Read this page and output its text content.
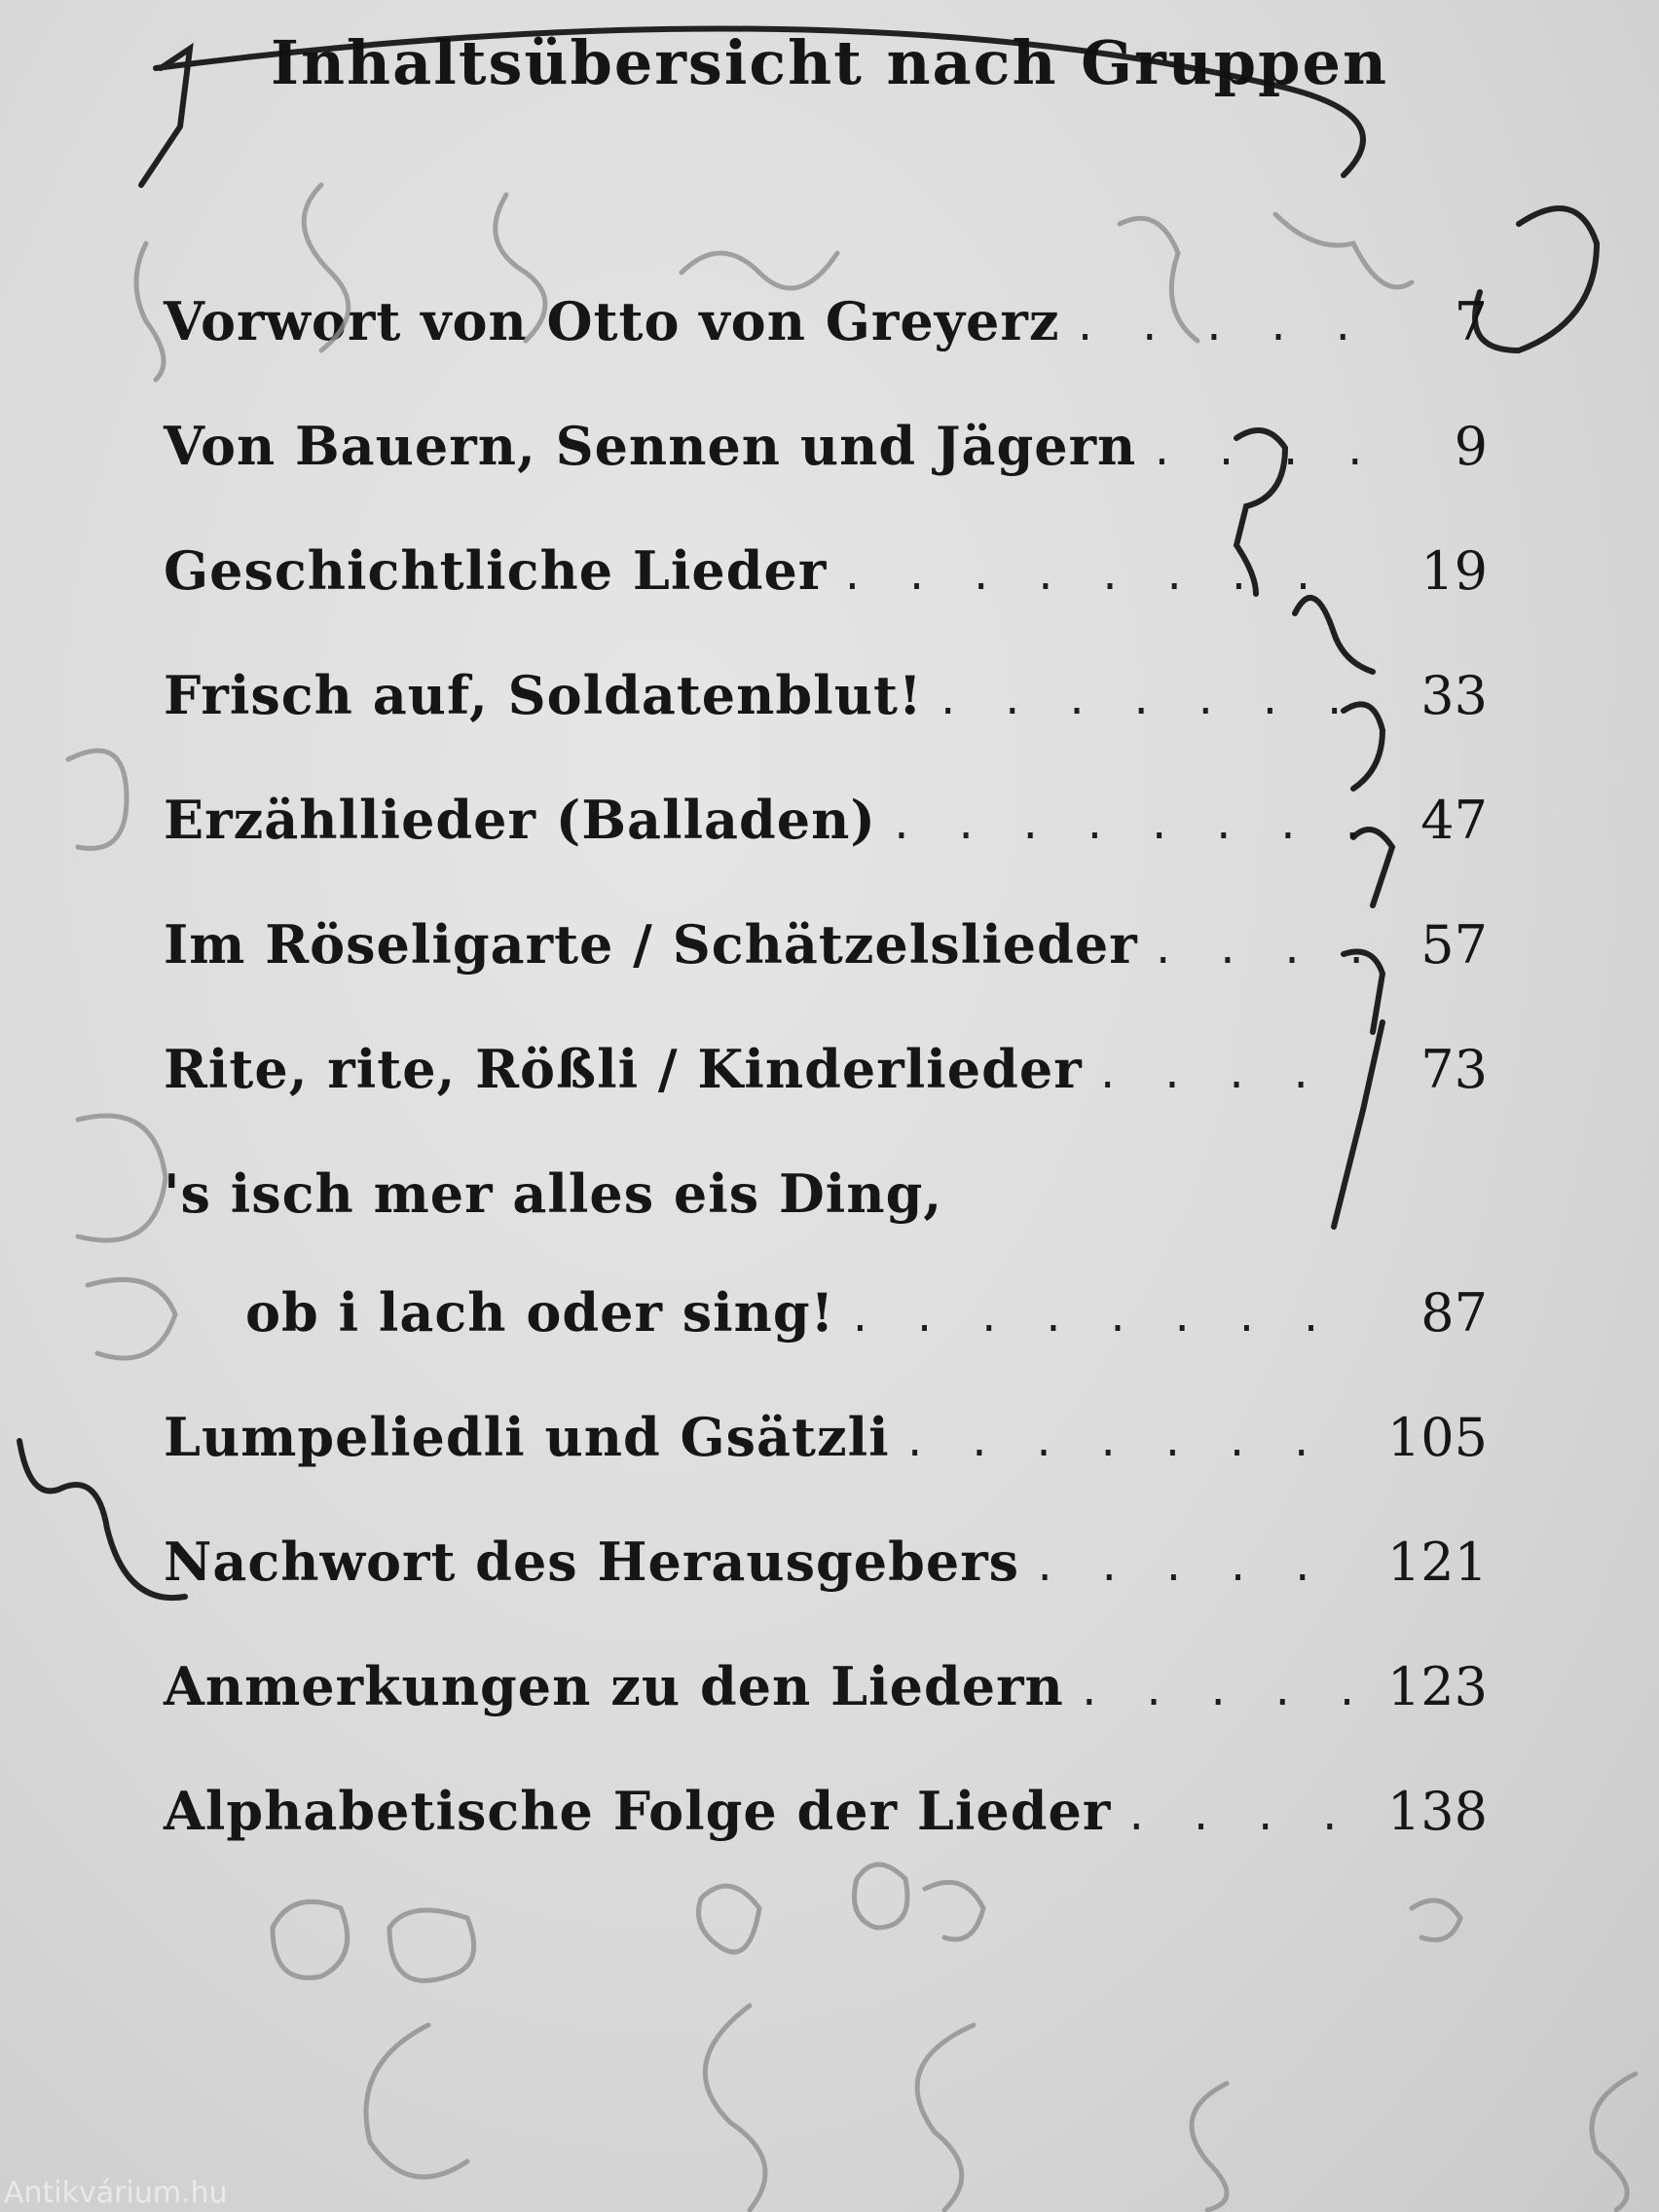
Inhaltsübersicht nach Gruppen
Vorwort von Otto von Greyerz . . .	7
Von Bauern, Sennen und Jägern . . .	9
Geschichtliche Lieder . . .	19
Frisch auf, Soldatenblut! . . .	33
Erzähllieder (Balladen) . . .	47
Im Röseligarte / Schätzelslieder . . .	57
Rite, rite, Rößli / Kinderlieder . . .	73
's isch mer alles eis Ding,
ob i lach oder sing! . . .	87
Lumpeliedli und Gsätzli . . .	105
Nachwort des Herausgebers . . .	121
Anmerkungen zu den Liedern . . .	123
Alphabetische Folge der Lieder . . .	138
Antikvárium.hu
